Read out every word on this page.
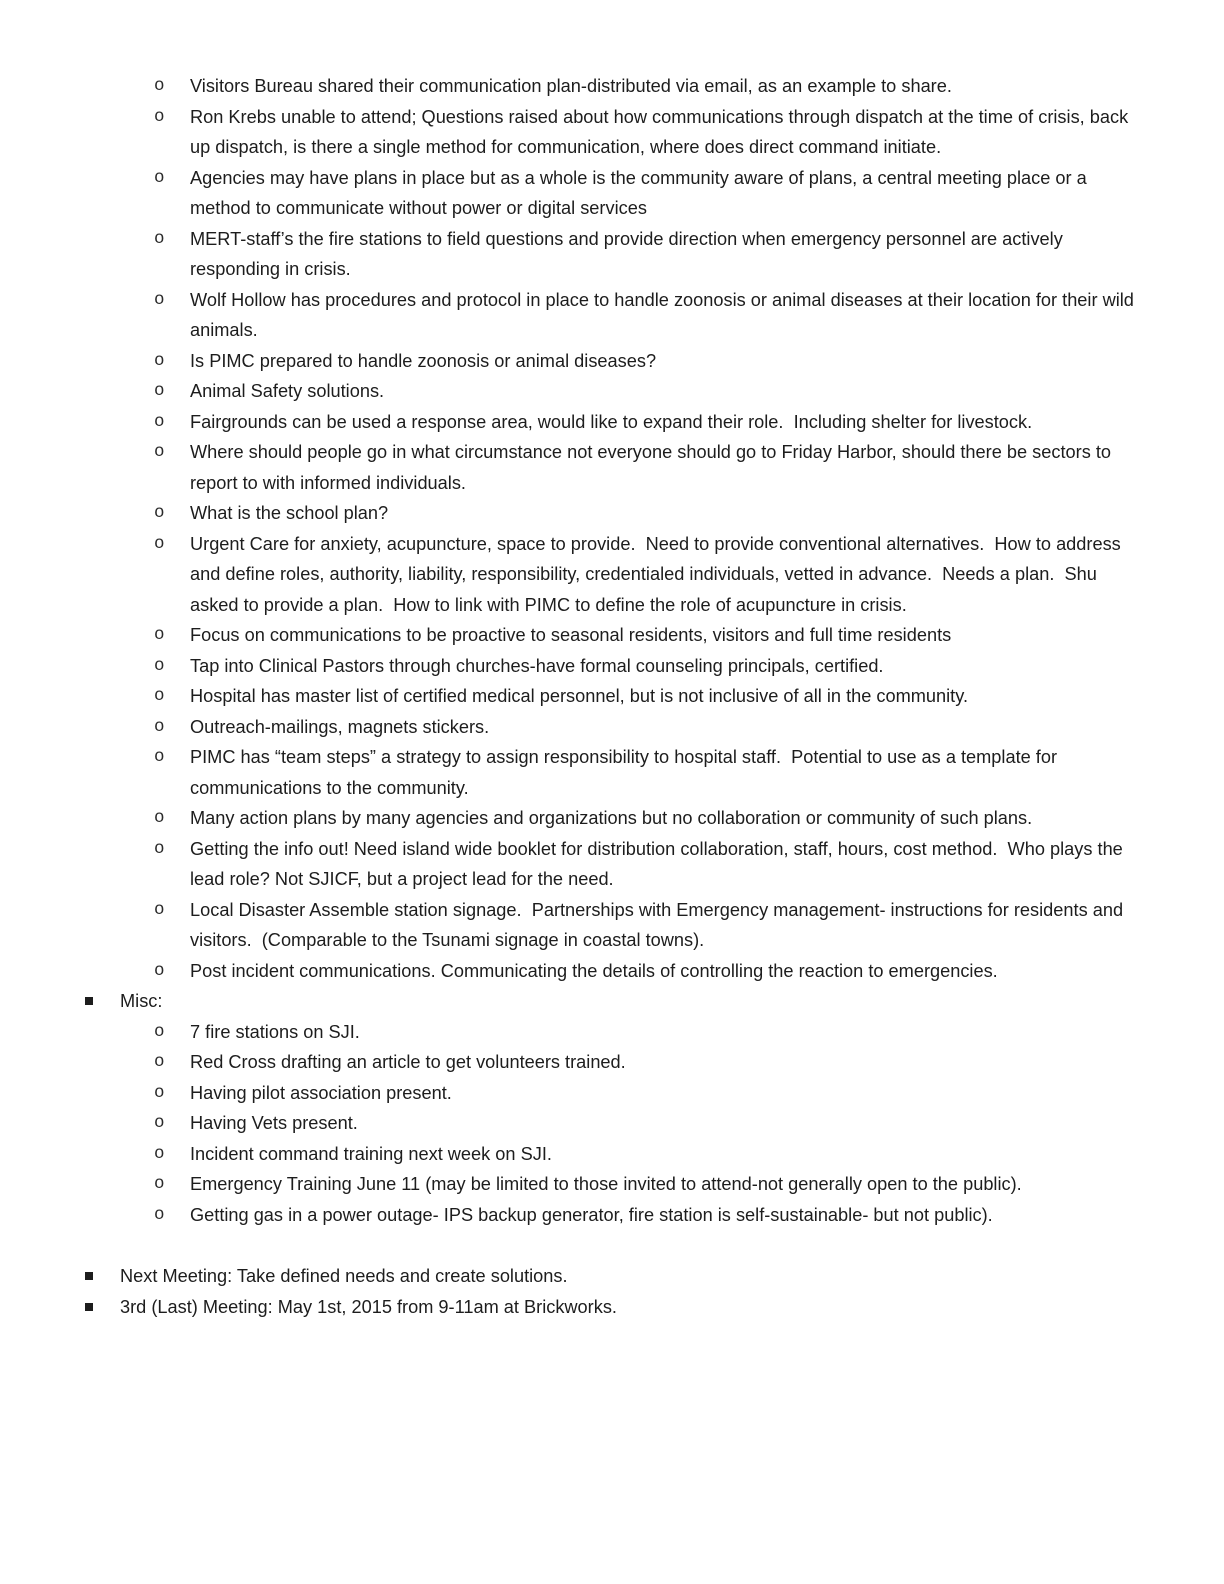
o Visitors Bureau shared their communication plan-distributed via email, as an example to share.
o Ron Krebs unable to attend; Questions raised about how communications through dispatch at the time of crisis, back up dispatch, is there a single method for communication, where does direct command initiate.
o Agencies may have plans in place but as a whole is the community aware of plans, a central meeting place or a method to communicate without power or digital services
o MERT-staff’s the fire stations to field questions and provide direction when emergency personnel are actively responding in crisis.
o Wolf Hollow has procedures and protocol in place to handle zoonosis or animal diseases at their location for their wild animals.
o Is PIMC prepared to handle zoonosis or animal diseases?
o Animal Safety solutions.
o Fairgrounds can be used a response area, would like to expand their role.  Including shelter for livestock.
o Where should people go in what circumstance not everyone should go to Friday Harbor, should there be sectors to report to with informed individuals.
o What is the school plan?
o Urgent Care for anxiety, acupuncture, space to provide.  Need to provide conventional alternatives.  How to address and define roles, authority, liability, responsibility, credentialed individuals, vetted in advance.  Needs a plan.  Shu asked to provide a plan.  How to link with PIMC to define the role of acupuncture in crisis.
o Focus on communications to be proactive to seasonal residents, visitors and full time residents
o Tap into Clinical Pastors through churches-have formal counseling principals, certified.
o Hospital has master list of certified medical personnel, but is not inclusive of all in the community.
o Outreach-mailings, magnets stickers.
o PIMC has “team steps” a strategy to assign responsibility to hospital staff.  Potential to use as a template for communications to the community.
o Many action plans by many agencies and organizations but no collaboration or community of such plans.
o Getting the info out! Need island wide booklet for distribution collaboration, staff, hours, cost method.  Who plays the lead role? Not SJICF, but a project lead for the need.
o Local Disaster Assemble station signage.  Partnerships with Emergency management- instructions for residents and visitors.  (Comparable to the Tsunami signage in coastal towns).
o Post incident communications. Communicating the details of controlling the reaction to emergencies.
Misc:
o 7 fire stations on SJI.
o Red Cross drafting an article to get volunteers trained.
o Having pilot association present.
o Having Vets present.
o Incident command training next week on SJI.
o Emergency Training June 11 (may be limited to those invited to attend-not generally open to the public).
o Getting gas in a power outage- IPS backup generator, fire station is self-sustainable- but not public).
Next Meeting: Take defined needs and create solutions.
3rd (Last) Meeting: May 1st, 2015 from 9-11am at Brickworks.
